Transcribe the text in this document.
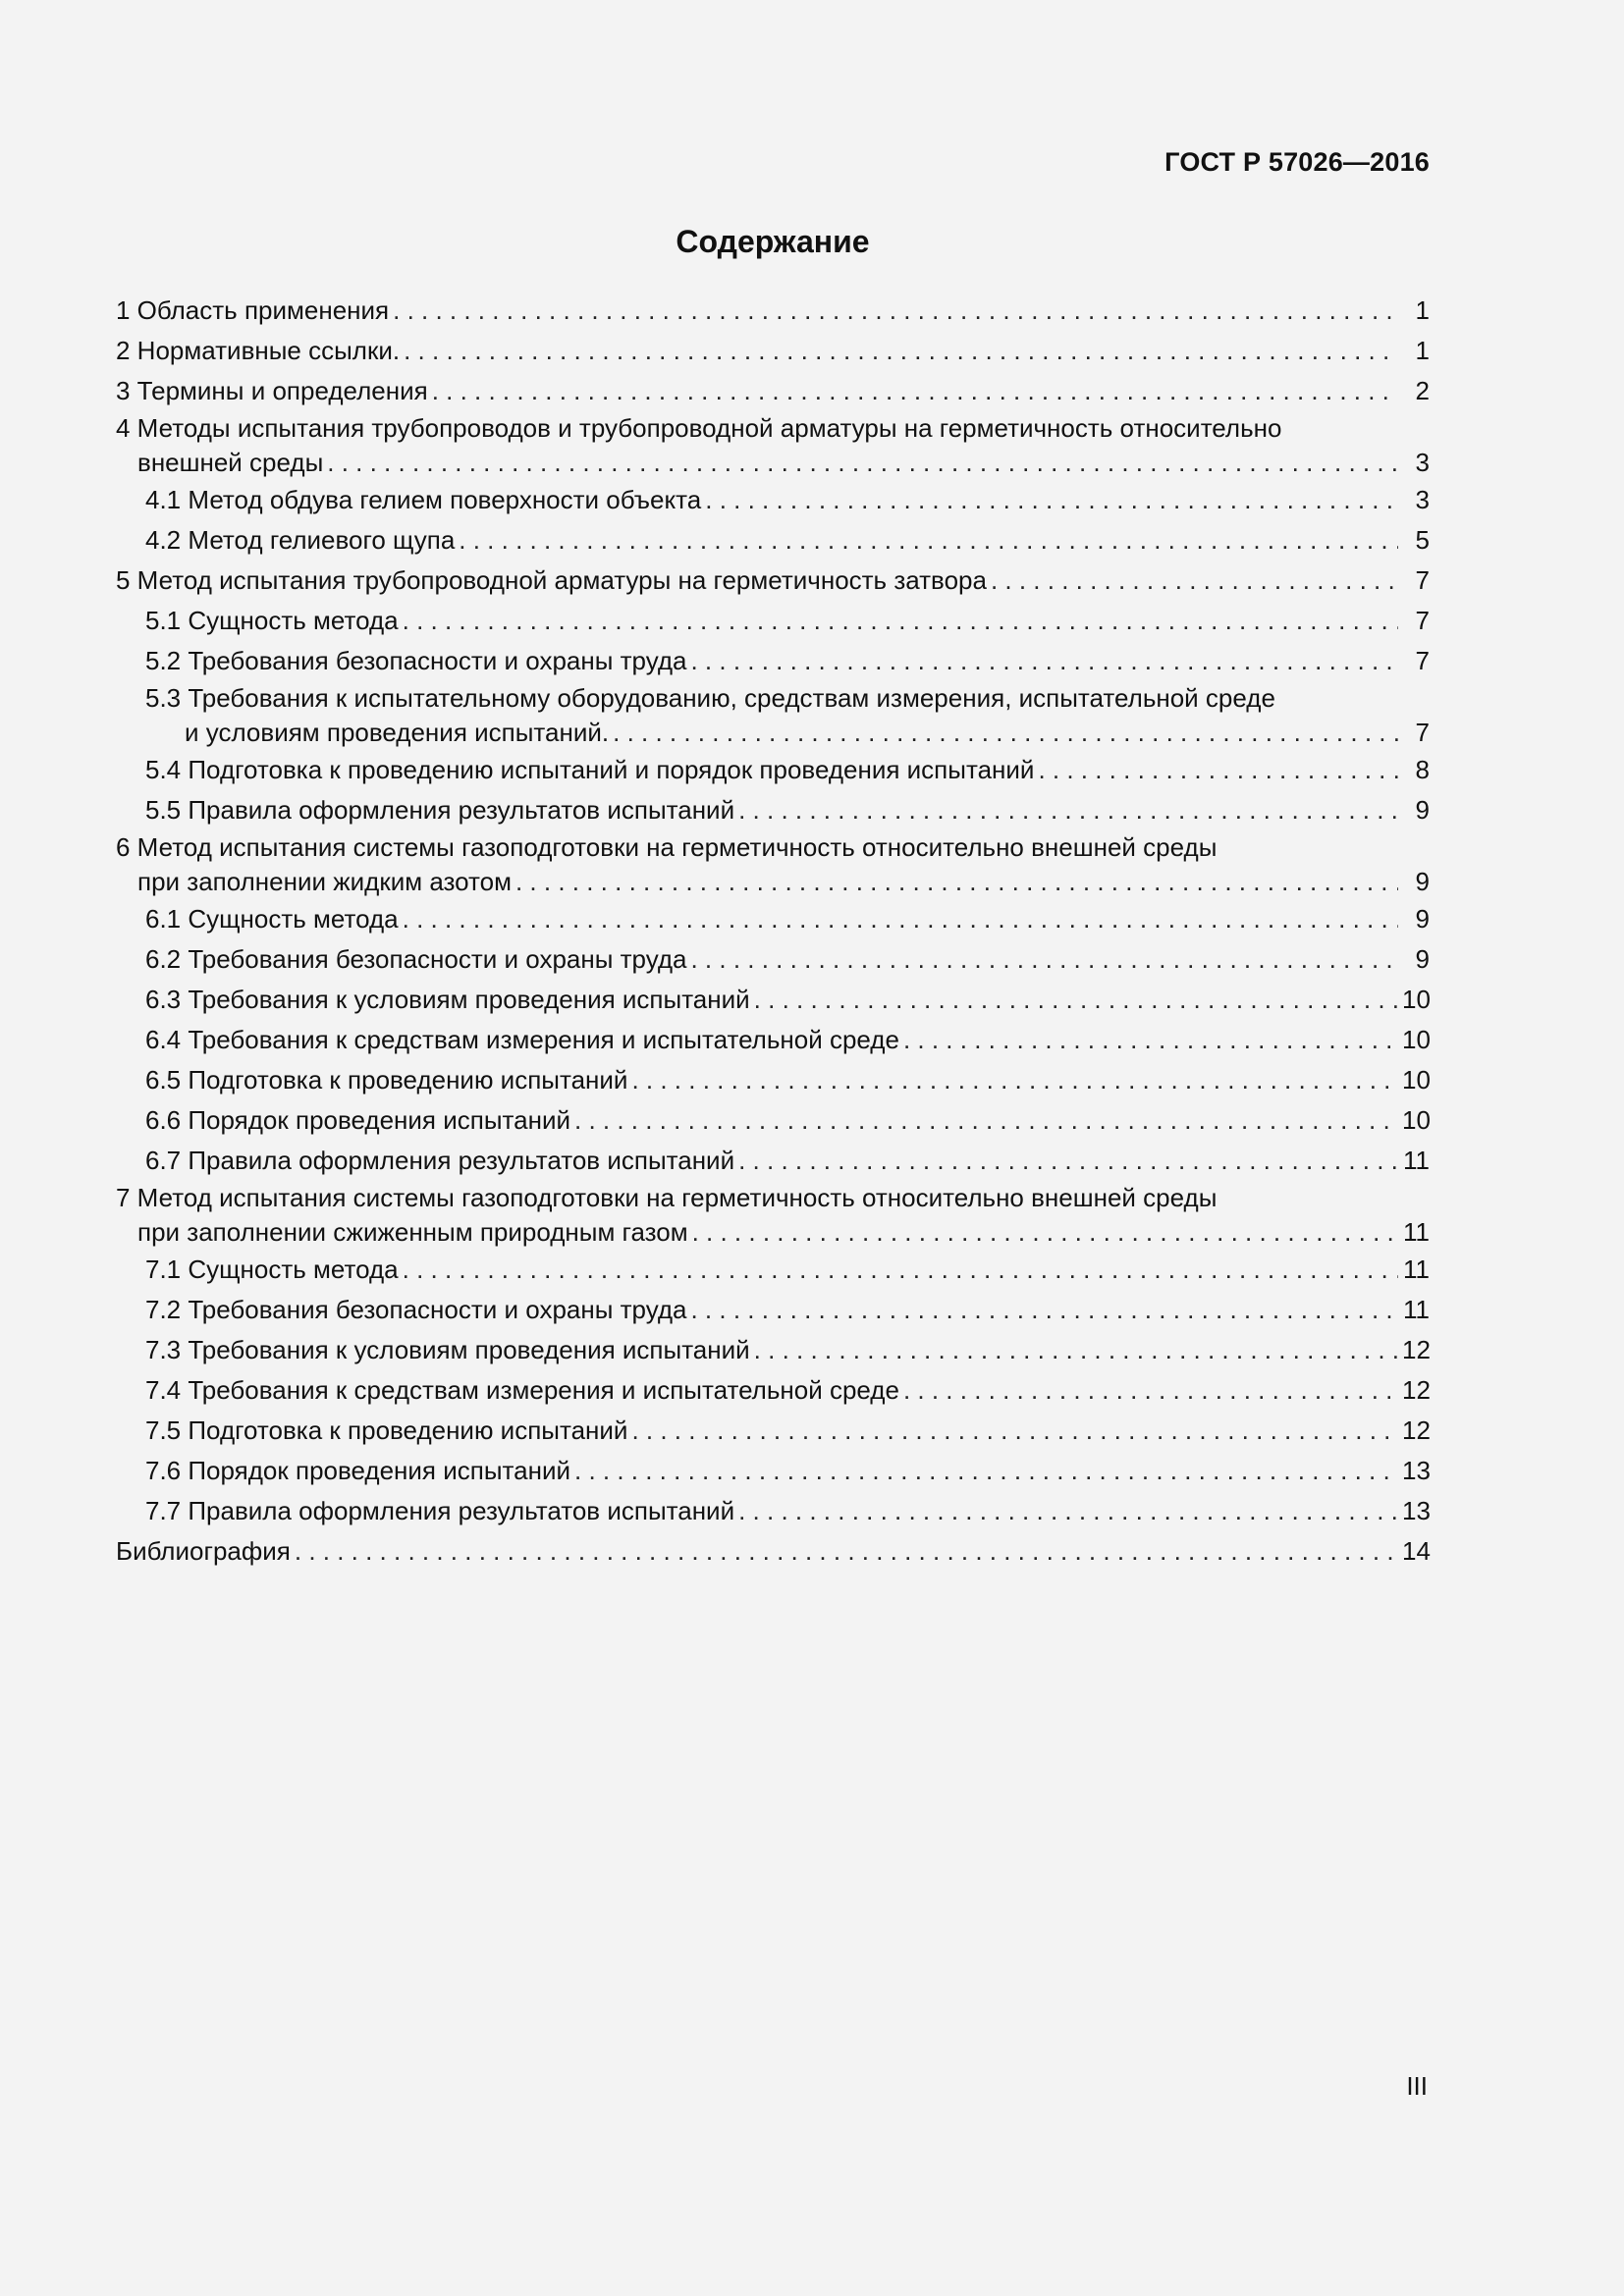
ГОСТ Р 57026—2016
Содержание
1 Область применения . . .	1
2 Нормативные ссылки. . . .	1
3 Термины и определения . . .	2
4 Методы испытания трубопроводов и трубопроводной арматуры на герметичность относительно
внешней среды . . .	3
4.1 Метод обдува гелием поверхности объекта . . .	3
4.2 Метод гелиевого щупа . . .	5
5 Метод испытания трубопроводной арматуры на герметичность затвора . . .	7
5.1 Сущность метода . . .	7
5.2 Требования безопасности и охраны труда . . .	7
5.3 Требования к испытательному оборудованию, средствам измерения, испытательной среде
и условиям проведения испытаний. . . .	7
5.4 Подготовка к проведению испытаний и порядок проведения испытаний . . .	8
5.5 Правила оформления результатов испытаний . . .	9
6 Метод испытания системы газоподготовки на герметичность относительно внешней среды
при заполнении жидким азотом . . .	9
6.1 Сущность метода . . .	9
6.2 Требования безопасности и охраны труда . . .	9
6.3 Требования к условиям проведения испытаний . . .	10
6.4 Требования к средствам измерения и испытательной среде . . .	10
6.5 Подготовка к проведению испытаний . . .	10
6.6 Порядок проведения испытаний . . .	10
6.7 Правила оформления результатов испытаний . . .	11
7 Метод испытания системы газоподготовки на герметичность относительно внешней среды
при заполнении сжиженным природным газом . . .	11
7.1 Сущность метода . . .	11
7.2 Требования безопасности и охраны труда . . .	11
7.3 Требования к условиям проведения испытаний . . .	12
7.4 Требования к средствам измерения и испытательной среде . . .	12
7.5 Подготовка к проведению испытаний . . .	12
7.6 Порядок проведения испытаний . . .	13
7.7 Правила оформления результатов испытаний . . .	13
Библиография . . .	14
III
